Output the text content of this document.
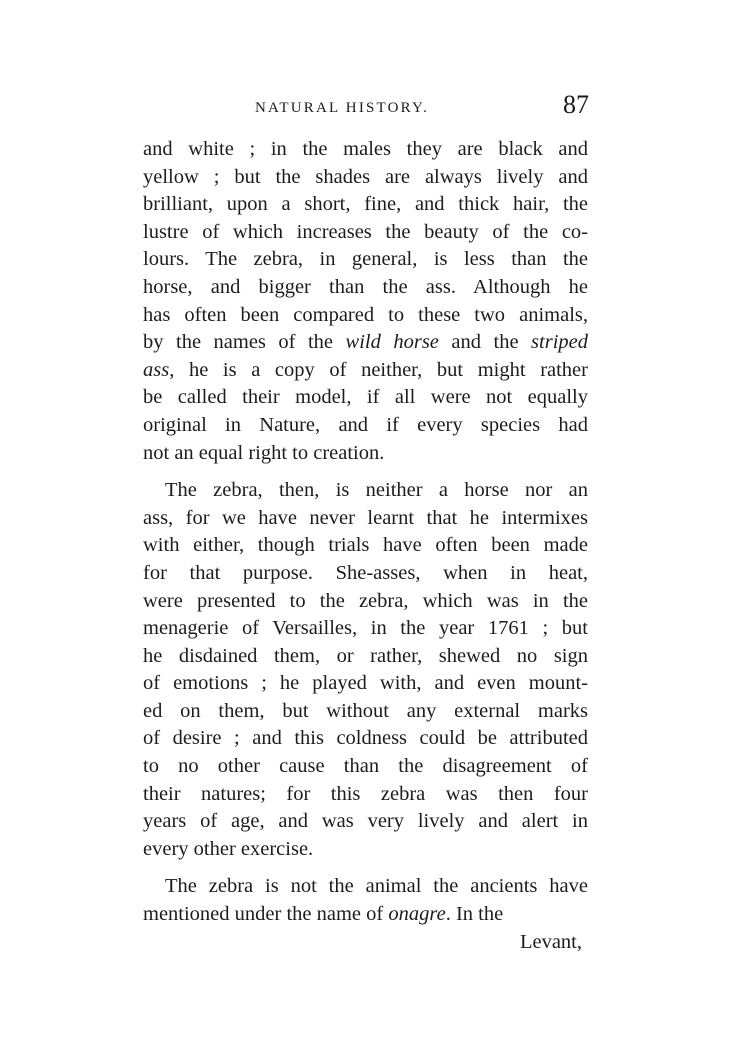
NATURAL HISTORY.	87
and white ; in the males they are black and
yellow ; but the shades are always lively and
brilliant, upon a short, fine, and thick hair, the
lustre of which increases the beauty of the co-
lours. The zebra, in general, is less than the
horse, and bigger than the ass. Although he
has often been compared to these two animals,
by the names of the wild horse and the striped
ass, he is a copy of neither, but might rather
be called their model, if all were not equally
original in Nature, and if every species had
not an equal right to creation.
The zebra, then, is neither a horse nor an
ass, for we have never learnt that he intermixes
with either, though trials have often been made
for that purpose. She-asses, when in heat,
were presented to the zebra, which was in the
menagerie of Versailles, in the year 1761 ; but
he disdained them, or rather, shewed no sign
of emotions ; he played with, and even mount-
ed on them, but without any external marks
of desire ; and this coldness could be attributed
to no other cause than the disagreement of
their natures; for this zebra was then four
years of age, and was very lively and alert in
every other exercise.
The zebra is not the animal the ancients have
mentioned under the name of onagre. In the
Levant,
